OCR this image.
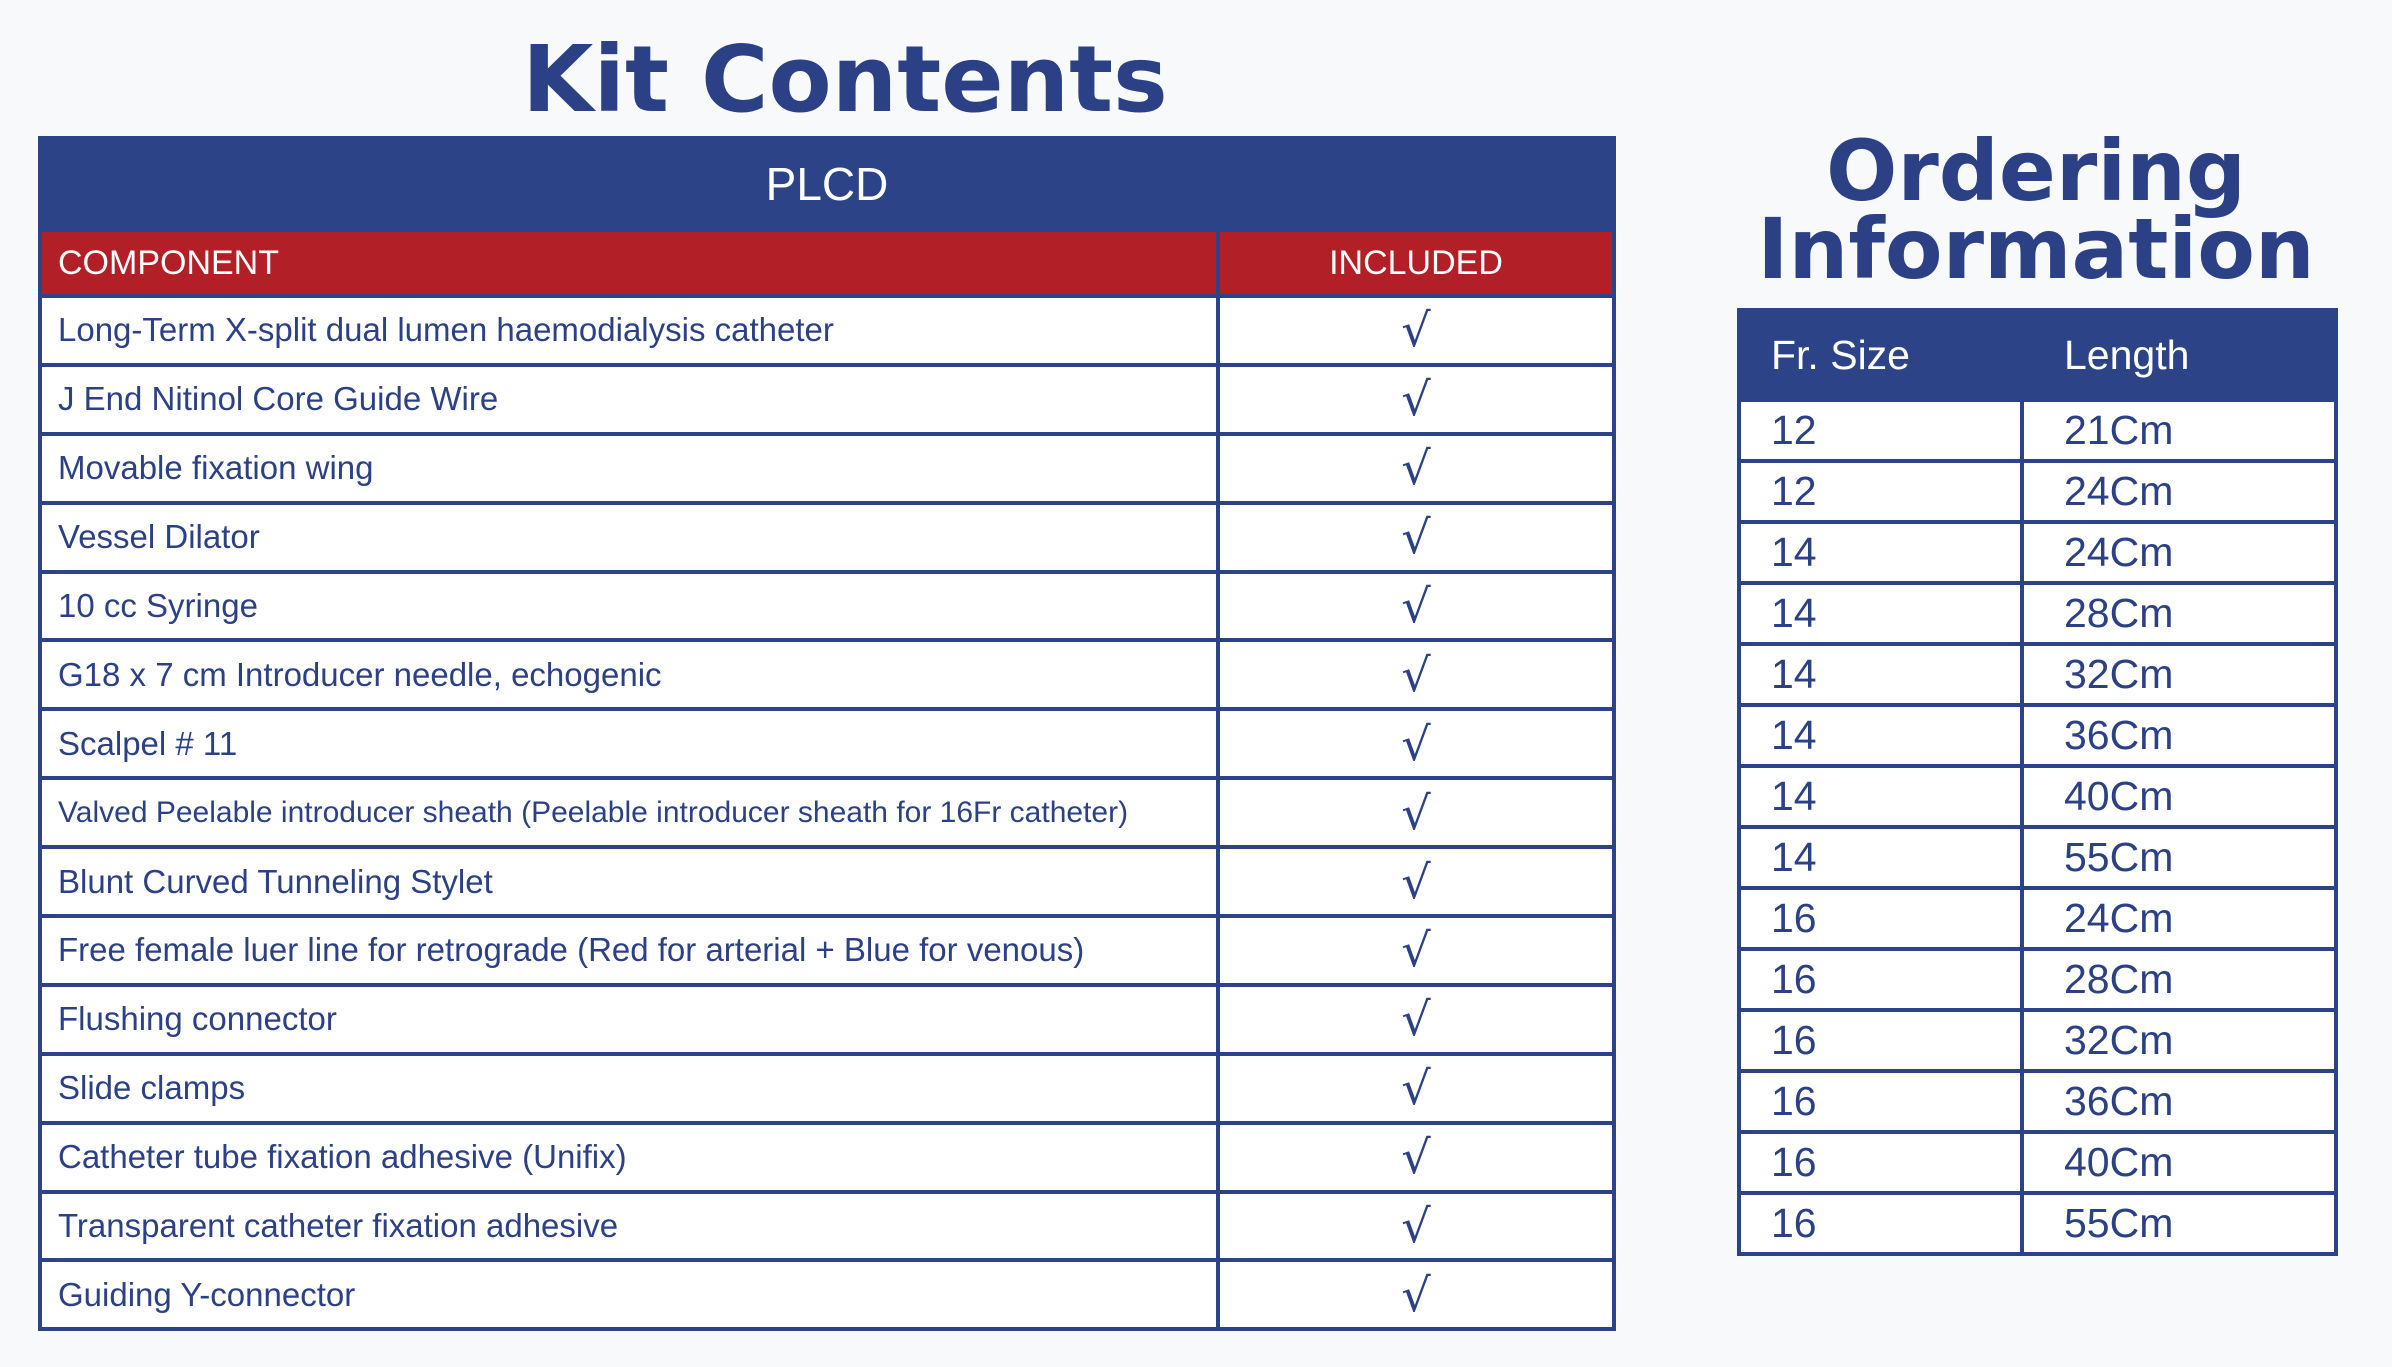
Kit Contents
PLCD	
COMPONENT	INCLUDED
Long-Term X-split dual lumen haemodialysis catheter	√
J End Nitinol Core Guide Wire	√
Movable fixation wing	√
Vessel Dilator	√
10 cc Syringe	√
G18 x 7 cm Introducer needle, echogenic	√
Scalpel # 11	√
Valved Peelable introducer sheath (Peelable introducer sheath for 16Fr catheter)	√
Blunt Curved Tunneling Stylet	√
Free female luer line for retrograde (Red for arterial + Blue for venous)	√
Flushing connector	√
Slide clamps	√
Catheter tube fixation adhesive (Unifix)	√
Transparent catheter fixation adhesive	√
Guiding Y-connector	√
Ordering
Information
Fr. Size	Length
12	21Cm
12	24Cm
14	24Cm
14	28Cm
14	32Cm
14	36Cm
14	40Cm
14	55Cm
16	24Cm
16	28Cm
16	32Cm
16	36Cm
16	40Cm
16	55Cm
